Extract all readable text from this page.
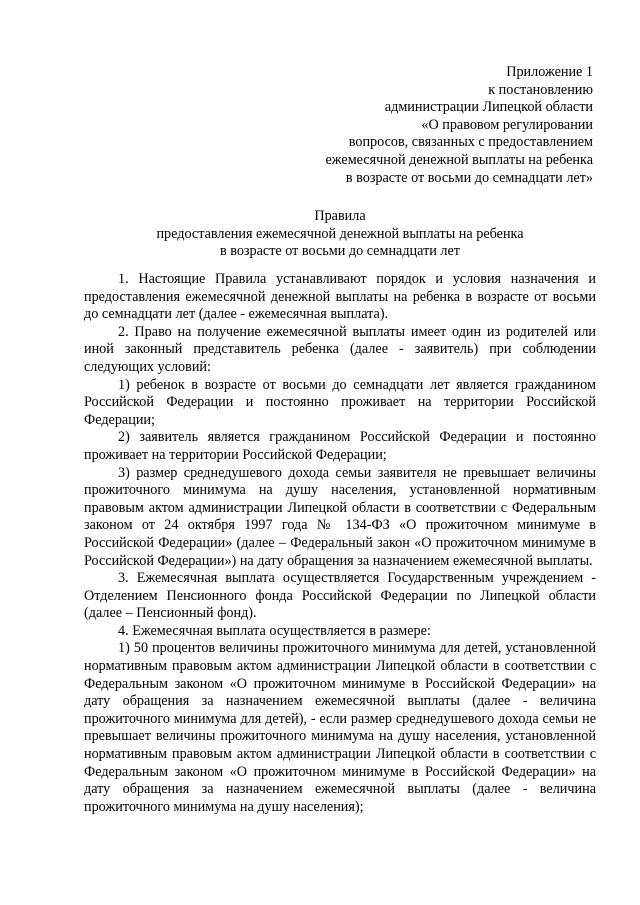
Приложение 1
к постановлению
администрации Липецкой области
«О правовом регулировании
вопросов, связанных с предоставлением
ежемесячной денежной выплаты на ребенка
в возрасте от восьми до семнадцати лет»
Правила
предоставления ежемесячной денежной выплаты на ребенка
в возрасте от восьми до семнадцати лет

1. Настоящие Правила устанавливают порядок и условия назначения и предоставления ежемесячной денежной выплаты на ребенка в возрасте от восьми до семнадцати лет (далее - ежемесячная выплата).

2. Право на получение ежемесячной выплаты имеет один из родителей или иной законный представитель ребенка (далее - заявитель) при соблюдении следующих условий:

1) ребенок в возрасте от восьми до семнадцати лет является гражданином Российской Федерации и постоянно проживает на территории Российской Федерации;

2) заявитель является гражданином Российской Федерации и постоянно проживает на территории Российской Федерации;

3) размер среднедушевого дохода семьи заявителя не превышает величины прожиточного минимума на душу населения, установленной нормативным правовым актом администрации Липецкой области в соответствии с Федеральным законом от 24 октября 1997 года № 134-ФЗ «О прожиточном минимуме в Российской Федерации» (далее – Федеральный закон «О прожиточном минимуме в Российской Федерации») на дату обращения за назначением ежемесячной выплаты.

3. Ежемесячная выплата осуществляется Государственным учреждением - Отделением Пенсионного фонда Российской Федерации по Липецкой области (далее – Пенсионный фонд).

4. Ежемесячная выплата осуществляется в размере:

1) 50 процентов величины прожиточного минимума для детей, установленной нормативным правовым актом администрации Липецкой области в соответствии с Федеральным законом «О прожиточном минимуме в Российской Федерации» на дату обращения за назначением ежемесячной выплаты (далее - величина прожиточного минимума для детей), - если размер среднедушевого дохода семьи не превышает величины прожиточного минимума на душу населения, установленной нормативным правовым актом администрации Липецкой области в соответствии с Федеральным законом «О прожиточном минимуме в Российской Федерации» на дату обращения за назначением ежемесячной выплаты (далее - величина прожиточного минимума на душу населения);
